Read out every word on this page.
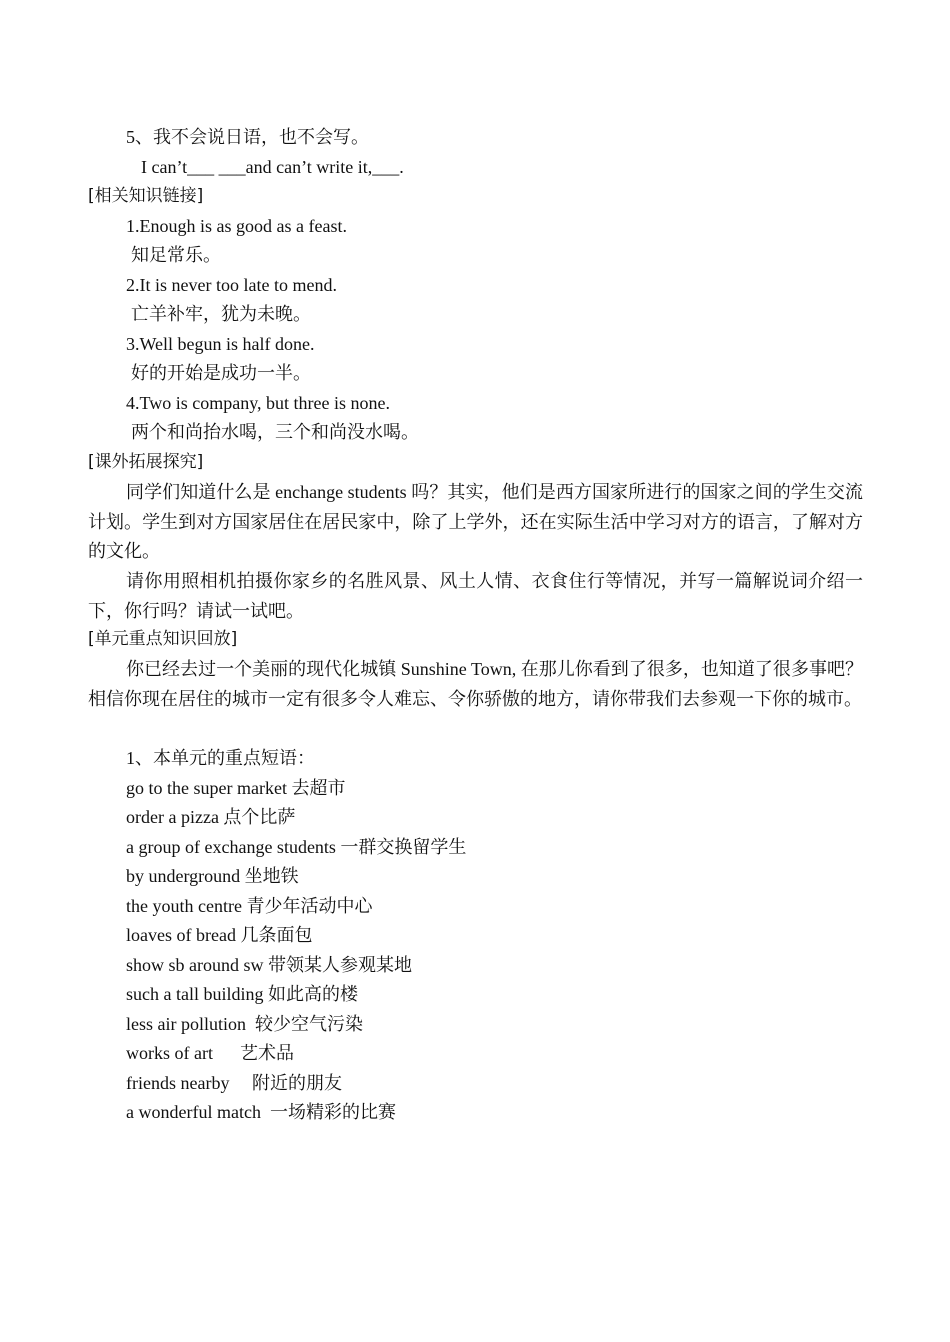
5、我不会说日语，也不会写。
I can’t___ ___and can’t write it,___.
[相关知识链接]
1.Enough is as good as a feast.
知足常乐。
2.It is never too late to mend.
亡羊补牢，犹为未晚。
3.Well begun is half done.
好的开始是成功一半。
4.Two is company, but three is none.
两个和尚抬水喝，三个和尚没水喝。
[课外拓展探究]
同学们知道什么是 enchange students 吗？其实，他们是西方国家所进行的国家之间的学生交流计划。学生到对方国家居住在居民家中，除了上学外，还在实际生活中学习对方的语言，了解对方的文化。
请你用照相机拍摄你家乡的名胜风景、风土人情、衣食住行等情况，并写一篇解说词介绍一下，你行吗？请试一试吧。
[单元重点知识回放]
你已经去过一个美丽的现代化城镇 Sunshine Town, 在那儿你看到了很多，也知道了很多事吧？相信你现在居住的城市一定有很多令人难忘、令你骄傲的地方，请你带我们去参观一下你的城市。
1、本单元的重点短语：
go to the super market 去超市
order a pizza 点个比萨
a group of exchange students 一群交换留学生
by underground 坐地铁
the youth centre 青少年活动中心
loaves of bread 几条面包
show sb around sw 带领某人参观某地
such a tall building 如此高的楼
less air pollution  较少空气污染
works of art      艺术品
friends nearby     附近的朋友
a wonderful match  一场精彩的比赛
